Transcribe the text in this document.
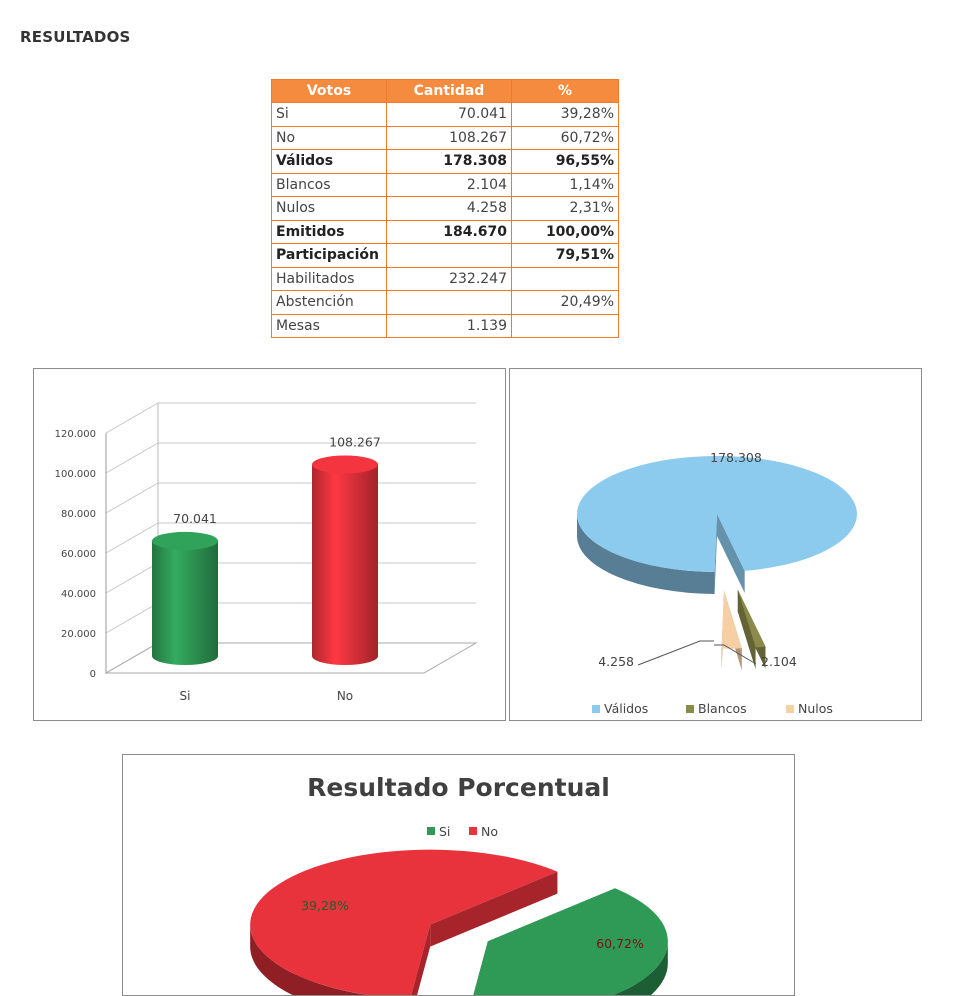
RESULTADOS
Votos	Cantidad	%
Si	70.041	39,28%
No	108.267	60,72%
Válidos	178.308	96,55%
Blancos	2.104	1,14%
Nulos	4.258	2,31%
Emitidos	184.670	100,00%
Participación		79,51%
Habilitados	232.247	
Abstención		20,49%
Mesas	1.139	
0
20.000
40.000
60.000
80.000
100.000
120.000
70.041
Si
108.267
No
178.308
4.258	2.104
Válidos	Blancos	Nulos
Resultado Porcentual
39,28%
60,72%
Si No
